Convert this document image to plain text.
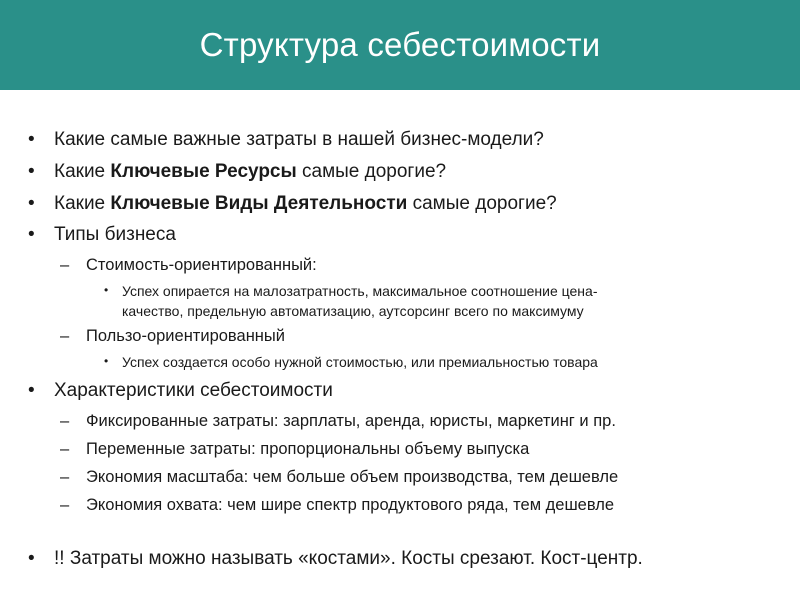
Структура себестоимости
• Какие самые важные затраты в нашей бизнес-модели?
• Какие Ключевые Ресурсы самые дорогие?
• Какие Ключевые Виды Деятельности самые дорогие?
• Типы бизнеса
– Стоимость-ориентированный:
• Успех опирается на малозатратность, максимальное соотношение цена-
качество, предельную автоматизацию, аутсорсинг всего по максимуму
– Пользо-ориентированный
• Успех создается особо нужной стоимостью, или премиальностью товара
• Характеристики себестоимости
– Фиксированные затраты: зарплаты, аренда, юристы, маркетинг и пр.
– Переменные затраты: пропорциональны объему выпуска
– Экономия масштаба: чем больше объем производства, тем дешевле
– Экономия охвата: чем шире спектр продуктового ряда, тем дешевле
• !! Затраты можно называть «костами». Косты срезают. Кост-центр.
